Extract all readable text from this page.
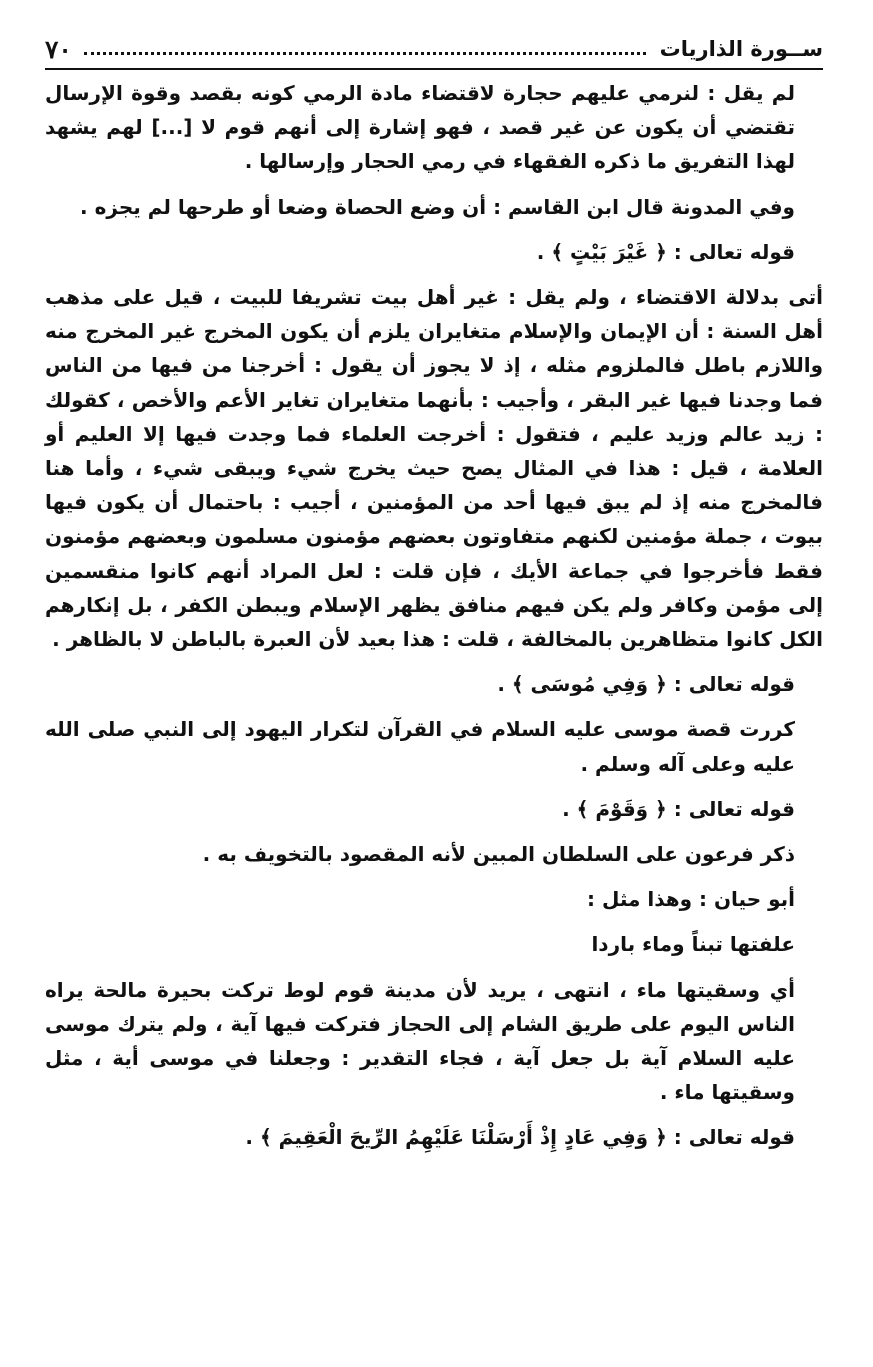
ســورة الذاريات
٧٠

لم يقل : لنرمي عليهم حجارة لاقتضاء مادة الرمي كونه بقصد وقوة الإرسال تقتضي أن يكون عن غير قصد ، فهو إشارة إلى أنهم قوم لا [...] لهم يشهد لهذا التفريق ما ذكره الفقهاء في رمي الحجار وإرسالها .

وفي المدونة قال ابن القاسم : أن وضع الحصاة وضعا أو طرحها لم يجزه .

قوله تعالى : ﴿ غَيْرَ بَيْتٍ ﴾ .

أتى بدلالة الاقتضاء ، ولم يقل : غير أهل بيت تشريفا للبيت ، قيل على مذهب أهل السنة : أن الإيمان والإسلام متغايران يلزم أن يكون المخرج غير المخرج منه واللازم باطل فالملزوم مثله ، إذ لا يجوز أن يقول : أخرجنا من فيها من الناس فما وجدنا فيها غير البقر ، وأجيب : بأنهما متغايران تغاير الأعم والأخص ، كقولك : زيد عالم وزيد عليم ، فتقول : أخرجت العلماء فما وجدت فيها إلا العليم أو العلامة ، قيل : هذا في المثال يصح حيث يخرج شيء ويبقى شيء ، وأما هنا فالمخرج منه إذ لم يبق فيها أحد من المؤمنين ، أجيب : باحتمال أن يكون فيها بيوت ، جملة مؤمنين لكنهم متفاوتون بعضهم مؤمنون مسلمون وبعضهم مؤمنون فقط فأخرجوا في جماعة الأيك ، فإن قلت : لعل المراد أنهم كانوا منقسمين إلى مؤمن وكافر ولم يكن فيهم منافق يظهر الإسلام ويبطن الكفر ، بل إنكارهم الكل كانوا متظاهرين بالمخالفة ، قلت : هذا بعيد لأن العبرة بالباطن لا بالظاهر .

قوله تعالى : ﴿ وَفِي مُوسَى ﴾ .

كررت قصة موسى عليه السلام في القرآن لتكرار اليهود إلى النبي صلى الله عليه وعلى آله وسلم .

قوله تعالى : ﴿ وَقَوْمَ ﴾ .

ذكر فرعون على السلطان المبين لأنه المقصود بالتخويف به .

أبو حيان : وهذا مثل :

علفتها تبناً وماء باردا

أي وسقيتها ماء ، انتهى ، يريد لأن مدينة قوم لوط تركت بحيرة مالحة يراه الناس اليوم على طريق الشام إلى الحجاز فتركت فيها آية ، ولم يترك موسى عليه السلام آية بل جعل آية ، فجاء التقدير : وجعلنا في موسى أية ، مثل وسقيتها ماء .

قوله تعالى : ﴿ وَفِي عَادٍ إِذْ أَرْسَلْنَا عَلَيْهِمُ الرِّيحَ الْعَقِيمَ ﴾ .
